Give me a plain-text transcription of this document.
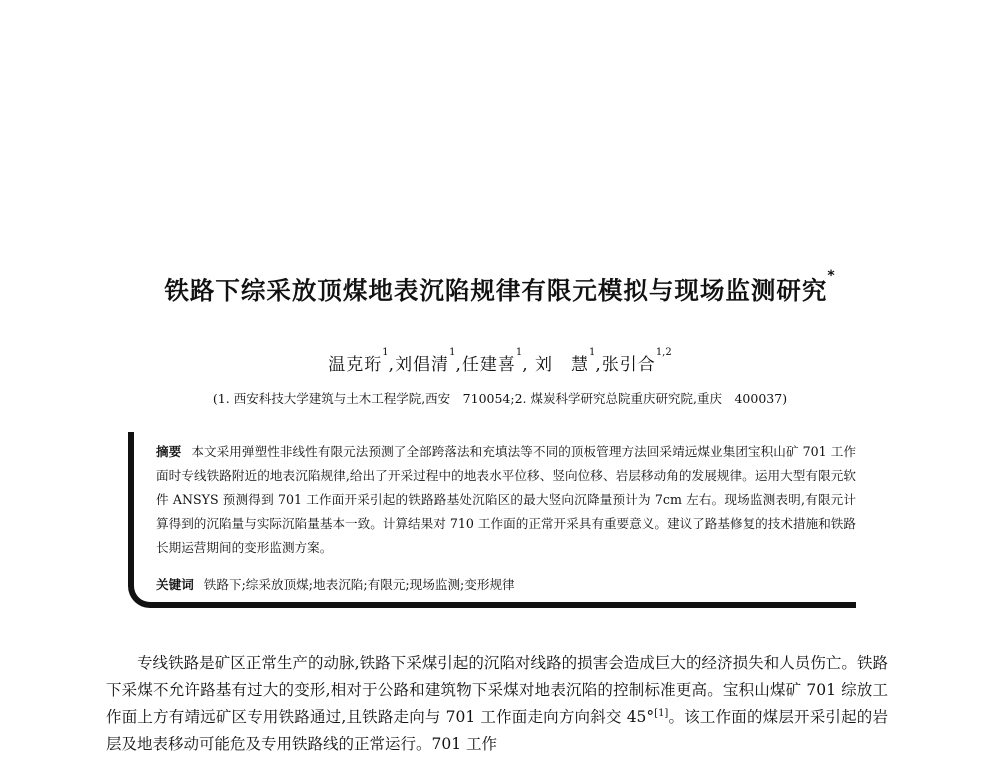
铁路下综采放顶煤地表沉陷规律有限元模拟与现场监测研究*
温克珩$^1$,刘倡清$^1$,任建喜$^1$, 刘　慧$^1$,张引合$^{1,2}$
(1. 西安科技大学建筑与土木工程学院,西安　710054;2. 煤炭科学研究总院重庆研究院,重庆　400037)

摘要 本文采用弹塑性非线性有限元法预测了全部跨落法和充填法等不同的顶板管理方法回采靖远煤业集团宝积山矿 701 工作面时专线铁路附近的地表沉陷规律,给出了开采过程中的地表水平位移、竖向位移、岩层移动角的发展规律。运用大型有限元软件 ANSYS 预测得到 701 工作面开采引起的铁路路基处沉陷区的最大竖向沉降量预计为 7cm 左右。现场监测表明,有限元计算得到的沉陷量与实际沉陷量基本一致。计算结果对 710 工作面的正常开采具有重要意义。建议了路基修复的技术措施和铁路长期运营期间的变形监测方案。

关键词 铁路下;综采放顶煤;地表沉陷;有限元;现场监测;变形规律

专线铁路是矿区正常生产的动脉,铁路下采煤引起的沉陷对线路的损害会造成巨大的经济损失和人员伤亡。铁路下采煤不允许路基有过大的变形,相对于公路和建筑物下采煤对地表沉陷的控制标准更高。宝积山煤矿 701 综放工作面上方有靖远矿区专用铁路通过,且铁路走向与 701 工作面走向方向斜交 45°[1]。该工作面的煤层开采引起的岩层及地表移动可能危及专用铁路线的正常运行。701 工作
